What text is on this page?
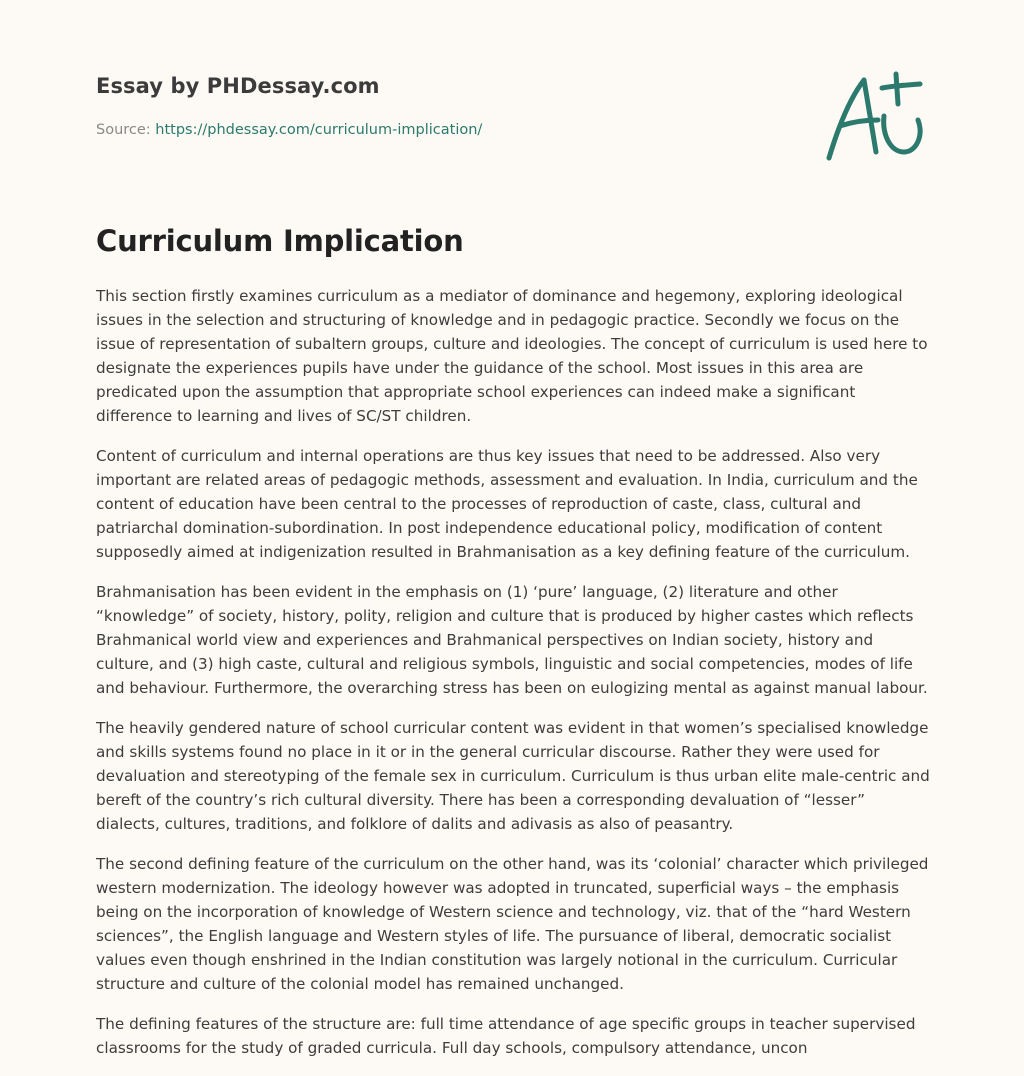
Essay by PHDessay.com
Source: https://phdessay.com/curriculum-implication/
Curriculum Implication

This section firstly examines curriculum as a mediator of dominance and hegemony, exploring ideological issues in the selection and structuring of knowledge and in pedagogic practice. Secondly we focus on the issue of representation of subaltern groups, culture and ideologies. The concept of curriculum is used here to designate the experiences pupils have under the guidance of the school. Most issues in this area are predicated upon the assumption that appropriate school experiences can indeed make a significant difference to learning and lives of SC/ST children.

Content of curriculum and internal operations are thus key issues that need to be addressed. Also very important are related areas of pedagogic methods, assessment and evaluation. In India, curriculum and the content of education have been central to the processes of reproduction of caste, class, cultural and patriarchal domination-subordination. In post independence educational policy, modification of content supposedly aimed at indigenization resulted in Brahmanisation as a key defining feature of the curriculum.

Brahmanisation has been evident in the emphasis on (1) ‘pure’ language, (2) literature and other “knowledge” of society, history, polity, religion and culture that is produced by higher castes which reflects Brahmanical world view and experiences and Brahmanical perspectives on Indian society, history and culture, and (3) high caste, cultural and religious symbols, linguistic and social competencies, modes of life and behaviour. Furthermore, the overarching stress has been on eulogizing mental as against manual labour.

The heavily gendered nature of school curricular content was evident in that women’s specialised knowledge and skills systems found no place in it or in the general curricular discourse. Rather they were used for devaluation and stereotyping of the female sex in curriculum. Curriculum is thus urban elite male-centric and bereft of the country’s rich cultural diversity. There has been a corresponding devaluation of “lesser” dialects, cultures, traditions, and folklore of dalits and adivasis as also of peasantry.

The second defining feature of the curriculum on the other hand, was its ‘colonial’ character which privileged western modernization. The ideology however was adopted in truncated, superficial ways – the emphasis being on the incorporation of knowledge of Western science and technology, viz. that of the “hard Western sciences”, the English language and Western styles of life. The pursuance of liberal, democratic socialist values even though enshrined in the Indian constitution was largely notional in the curriculum. Curricular structure and culture of the colonial model has remained unchanged.

The defining features of the structure are: full time attendance of age specific groups in teacher supervised classrooms for the study of graded curricula. Full day schools, compulsory attendance, uncon
